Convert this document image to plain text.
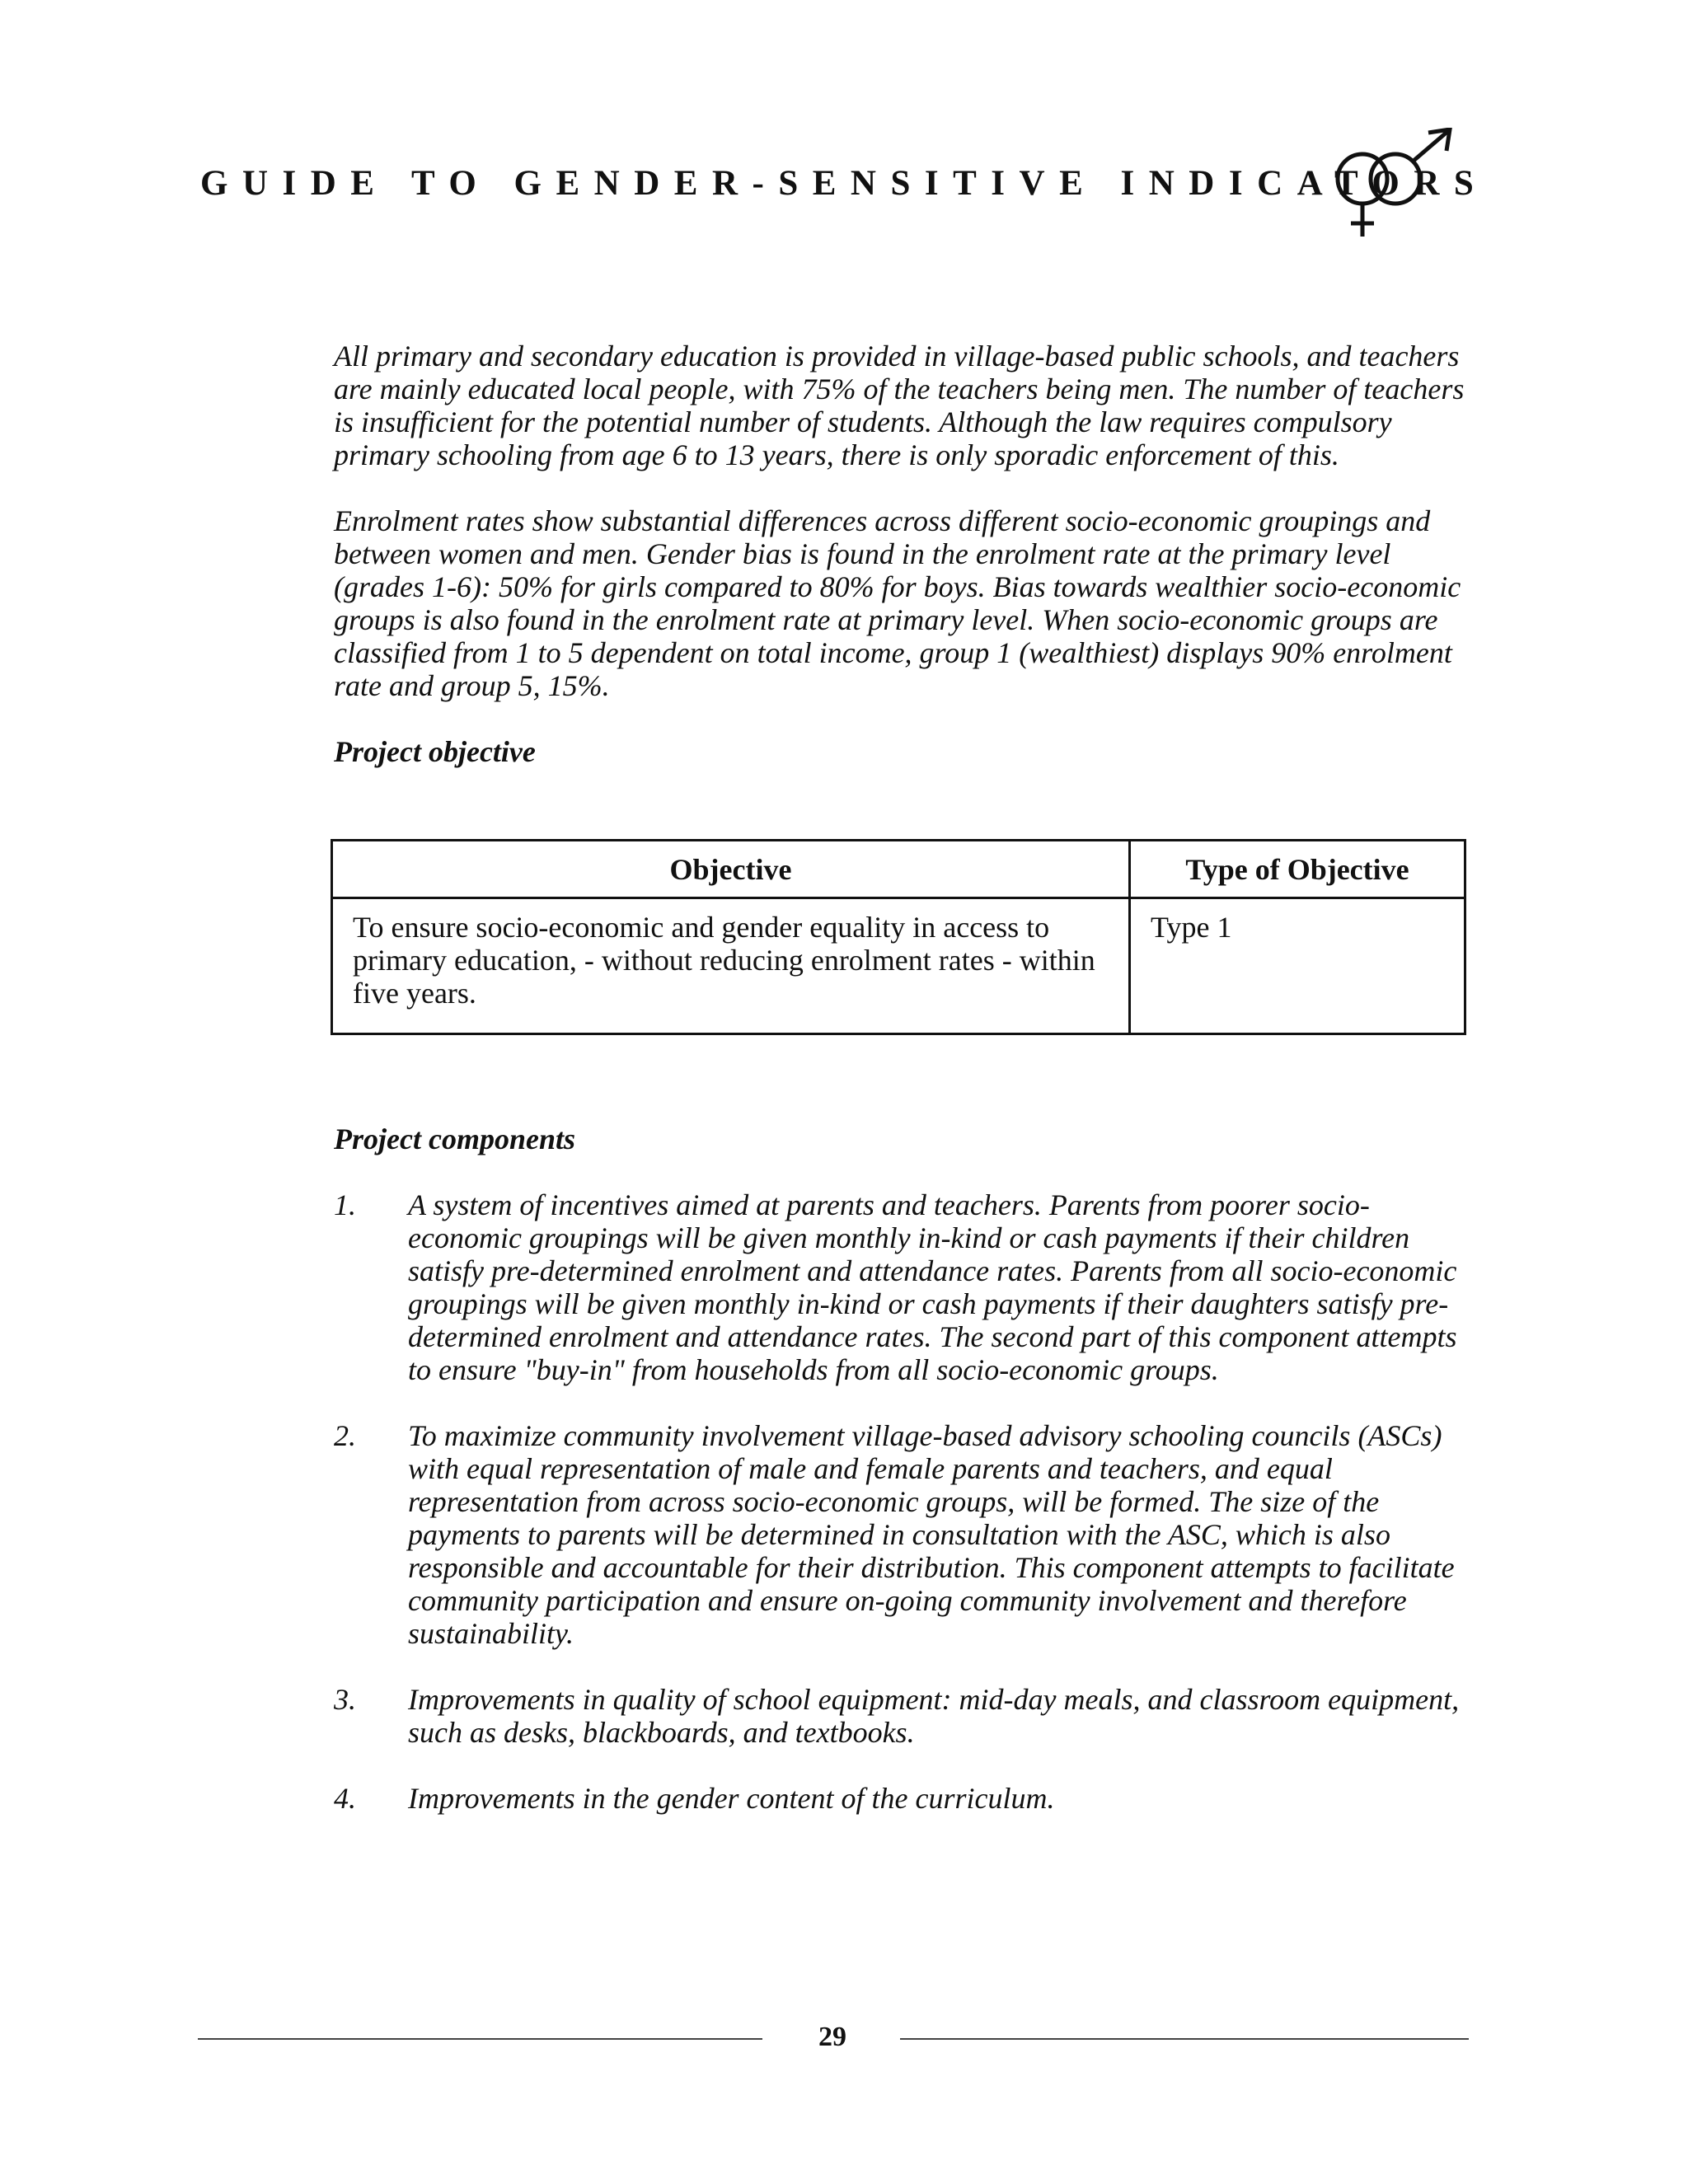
GUIDE TO GENDER-SENSITIVE INDICATORS

All primary and secondary education is provided in village-based public schools, and teachers are mainly educated local people, with 75% of the teachers being men. The number of teachers is insufficient for the potential number of students. Although the law requires compulsory primary schooling from age 6 to 13 years, there is only sporadic enforcement of this.

Enrolment rates show substantial differences across different socio-economic groupings and between women and men. Gender bias is found in the enrolment rate at the primary level (grades 1-6): 50% for girls compared to 80% for boys. Bias towards wealthier socio-economic groups is also found in the enrolment rate at primary level. When socio-economic groups are classified from 1 to 5 dependent on total income, group 1 (wealthiest) displays 90% enrolment rate and group 5, 15%.

Project objective

Objective	Type of Objective
To ensure socio-economic and gender equality in access to primary education, - without reducing enrolment rates - within five years.	Type 1

Project components

1. A system of incentives aimed at parents and teachers. Parents from poorer socio-economic groupings will be given monthly in-kind or cash payments if their children satisfy pre-determined enrolment and attendance rates. Parents from all socio-economic groupings will be given monthly in-kind or cash payments if their daughters satisfy pre-determined enrolment and attendance rates. The second part of this component attempts to ensure "buy-in" from households from all socio-economic groups.
2. To maximize community involvement village-based advisory schooling councils (ASCs) with equal representation of male and female parents and teachers, and equal representation from across socio-economic groups, will be formed. The size of the payments to parents will be determined in consultation with the ASC, which is also responsible and accountable for their distribution. This component attempts to facilitate community participation and ensure on-going community involvement and therefore sustainability.
3. Improvements in quality of school equipment: mid-day meals, and classroom equipment, such as desks, blackboards, and textbooks.
4. Improvements in the gender content of the curriculum.
29
